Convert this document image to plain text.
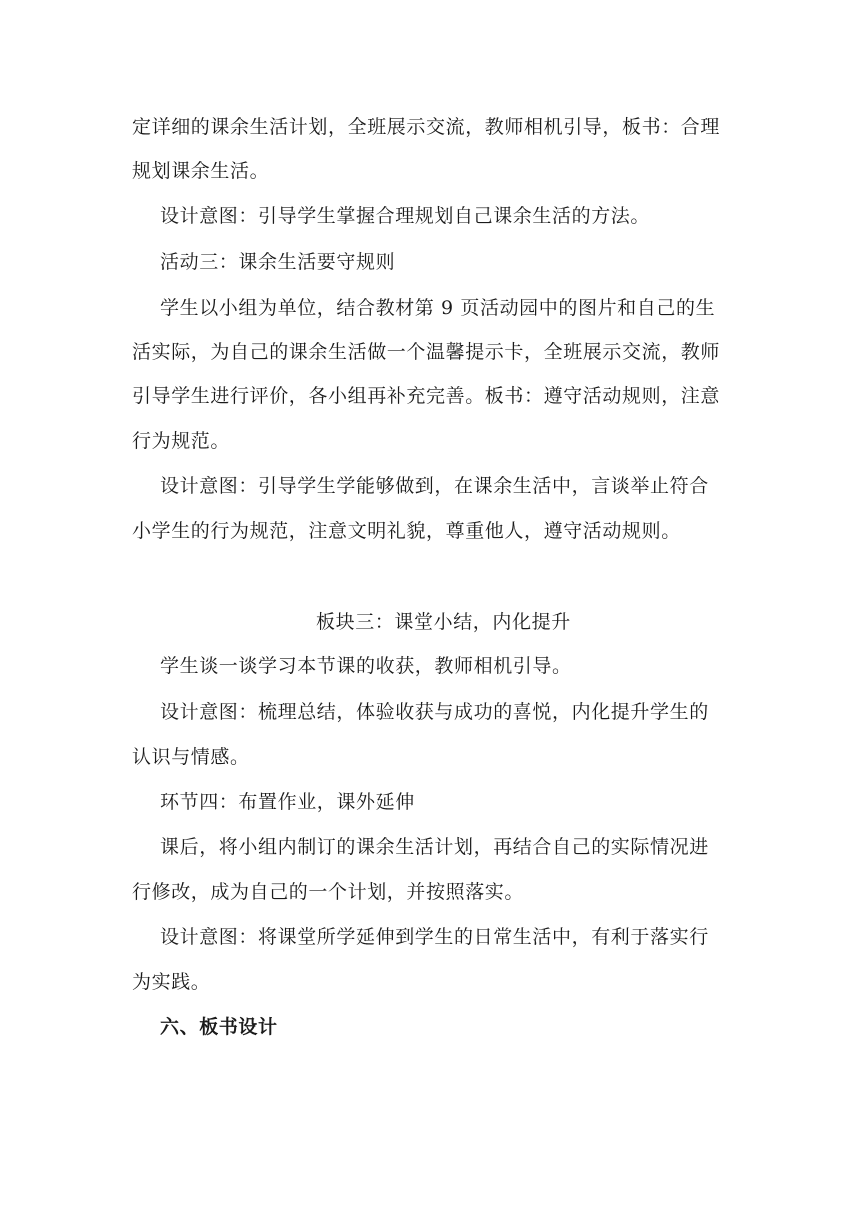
定详细的课余生活计划，全班展示交流，教师相机引导，板书：合理
规划课余生活。
设计意图：引导学生掌握合理规划自己课余生活的方法。
活动三：课余生活要守规则
学生以小组为单位，结合教材第 9 页活动园中的图片和自己的生
活实际，为自己的课余生活做一个温馨提示卡，全班展示交流，教师
引导学生进行评价，各小组再补充完善。板书：遵守活动规则，注意
行为规范。
设计意图：引导学生学能够做到，在课余生活中，言谈举止符合
小学生的行为规范，注意文明礼貌，尊重他人，遵守活动规则。
板块三：课堂小结，内化提升
学生谈一谈学习本节课的收获，教师相机引导。
设计意图：梳理总结，体验收获与成功的喜悦，内化提升学生的
认识与情感。
环节四：布置作业，课外延伸
课后，将小组内制订的课余生活计划，再结合自己的实际情况进
行修改，成为自己的一个计划，并按照落实。
设计意图：将课堂所学延伸到学生的日常生活中，有利于落实行
为实践。
六、板书设计
